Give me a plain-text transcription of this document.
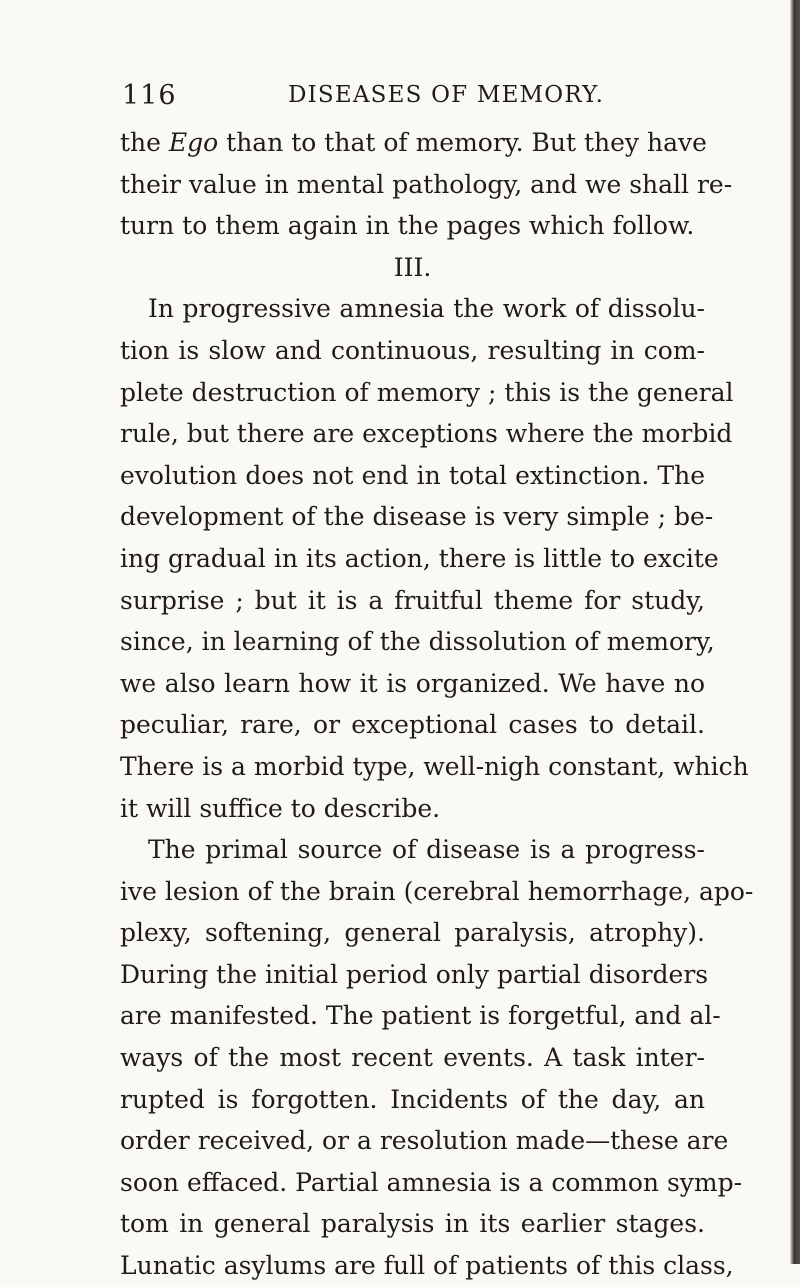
116	DISEASES OF MEMORY.
the Ego than to that of memory. But they have
their value in mental pathology, and we shall re-
turn to them again in the pages which follow.
III.
In progressive amnesia the work of dissolu-
tion is slow and continuous, resulting in com-
plete destruction of memory ; this is the general
rule, but there are exceptions where the morbid
evolution does not end in total extinction. The
development of the disease is very simple ; be-
ing gradual in its action, there is little to excite
surprise ; but it is a fruitful theme for study,
since, in learning of the dissolution of memory,
we also learn how it is organized. We have no
peculiar, rare, or exceptional cases to detail.
There is a morbid type, well-nigh constant, which
it will suffice to describe.
The primal source of disease is a progress-
ive lesion of the brain (cerebral hemorrhage, apo-
plexy, softening, general paralysis, atrophy).
During the initial period only partial disorders
are manifested. The patient is forgetful, and al-
ways of the most recent events. A task inter-
rupted is forgotten. Incidents of the day, an
order received, or a resolution made—these are
soon effaced. Partial amnesia is a common symp-
tom in general paralysis in its earlier stages.
Lunatic asylums are full of patients of this class,
